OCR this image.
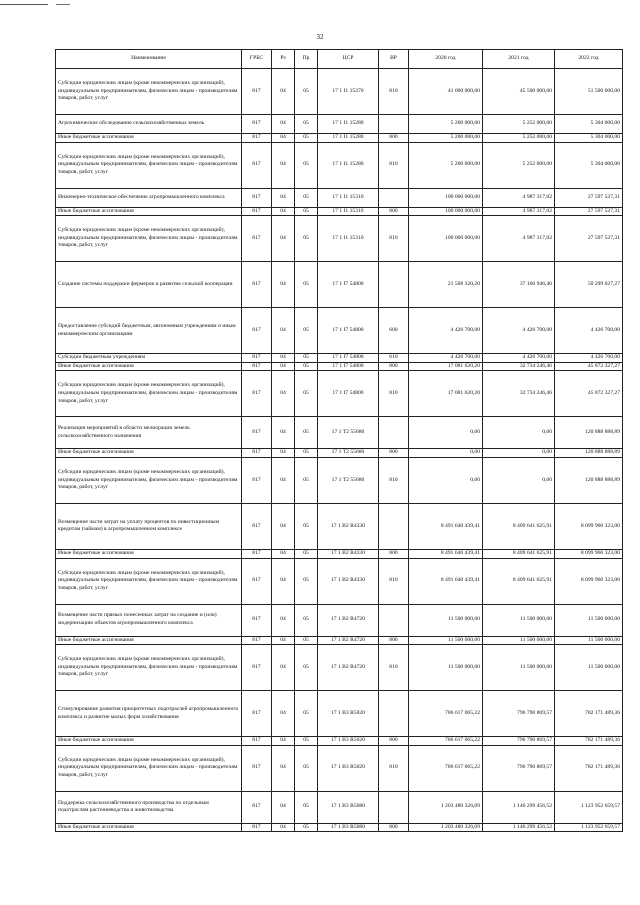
32
Наименование	ГРБС	Рз	Пр	ЦСР	ВР	2020 год	2021 год	2022 год
Субсидии юридическим лицам (кроме некоммерческих организаций), индивидуальным предпринимателям, физическим лицам - производителям товаров, работ, услуг	817	04	05	17 1 I1 15270	810	41 000 000,00	45 500 000,00	51 500 000,00
Агрохимическое обследование сельскохозяйственных земель	817	04	05	17 1 I1 15280		5 200 000,00	5 252 000,00	5 304 000,00
Иные бюджетные ассигнования	817	04	05	17 1 I1 15280	800	5 200 000,00	5 252 000,00	5 304 000,00
Субсидии юридическим лицам (кроме некоммерческих организаций), индивидуальным предпринимателям, физическим лицам - производителям товаров, работ, услуг	817	04	05	17 1 I1 15280	810	5 200 000,00	5 252 000,00	5 304 000,00
Инженерно-техническое обеспечение агропромышленного комплекса	817	04	05	17 1 I1 15310		100 000 000,00	4 987 317,02	27 597 527,31
Иные бюджетные ассигнования	817	04	05	17 1 I1 15310	800	100 000 000,00	4 987 317,02	27 597 527,31
Субсидии юридическим лицам (кроме некоммерческих организаций), индивидуальным предпринимателям, физическим лицам - производителям товаров, работ, услуг	817	04	05	17 1 I1 15310	810	100 000 000,00	4 987 317,02	27 597 527,31
Создание системы поддержки фермеров и развитие сельской кооперации	817	04	05	17 1 I7 54800		21 508 320,20	37 160 946,46	50 299 027,27
Предоставление субсидий бюджетным, автономным учреждениям и иным некоммерческим организациям	817	04	05	17 1 I7 54800	600	4 426 700,00	4 426 700,00	4 426 700,00
Субсидии бюджетным учреждениям	817	04	05	17 1 I7 54800	610	4 426 700,00	4 426 700,00	4 426 700,00
Иные бюджетные ассигнования	817	04	05	17 1 I7 54800	800	17 081 620,20	32 734 246,46	45 872 327,27
Субсидии юридическим лицам (кроме некоммерческих организаций), индивидуальным предпринимателям, физическим лицам - производителям товаров, работ, услуг	817	04	05	17 1 I7 54800	810	17 081 620,20	32 734 246,46	45 872 327,27
Реализация мероприятий в области мелиорации земель сельскохозяйственного назначения	817	04	05	17 1 T2 55680		0,00	0,00	120 888 888,89
Иные бюджетные ассигнования	817	04	05	17 1 T2 55680	800	0,00	0,00	120 888 888,89
Субсидии юридическим лицам (кроме некоммерческих организаций), индивидуальным предпринимателям, физическим лицам - производителям товаров, работ, услуг	817	04	05	17 1 T2 55680	810	0,00	0,00	120 888 888,89
Возмещение части затрат на уплату процентов по инвестиционным кредитам (займам) в агропромышленном комплексе	817	04	05	17 1 B2 R4330		8 491 640 439,41	8 409 641 625,91	8 099 960 323,00
Иные бюджетные ассигнования	817	04	05	17 1 B2 R4330	800	8 491 640 439,41	8 409 641 625,91	8 099 960 323,00
Субсидии юридическим лицам (кроме некоммерческих организаций), индивидуальным предпринимателям, физическим лицам - производителям товаров, работ, услуг	817	04	05	17 1 B2 R4330	810	8 491 640 439,41	8 409 641 625,91	8 099 960 323,00
Возмещение части прямых понесенных затрат на создание и (или) модернизацию объектов агропромышленного комплекса	817	04	05	17 1 B2 R4720		11 500 000,00	11 500 000,00	11 500 000,00
Иные бюджетные ассигнования	817	04	05	17 1 B2 R4720	800	11 500 000,00	11 500 000,00	11 500 000,00
Субсидии юридическим лицам (кроме некоммерческих организаций), индивидуальным предпринимателям, физическим лицам - производителям товаров, работ, услуг	817	04	05	17 1 B2 R4720	810	11 500 000,00	11 500 000,00	11 500 000,00
Стимулирование развития приоритетных подотраслей агропромышленного комплекса и развитие малых форм хозяйствования	817	04	05	17 1 B3 R5020		786 617 065,22	796 790 869,57	782 171 489,36
Иные бюджетные ассигнования	817	04	05	17 1 B3 R5020	800	786 617 065,22	796 790 869,57	782 171 489,36
Субсидии юридическим лицам (кроме некоммерческих организаций), индивидуальным предпринимателям, физическим лицам - производителям товаров, работ, услуг	817	04	05	17 1 B3 R5020	810	786 617 065,22	796 790 869,57	782 171 489,36
Поддержка сельскохозяйственного производства по отдельным подотраслям растениеводства и животноводства	817	04	05	17 1 B3 R5080		1 203 480 326,09	1 146 299 456,52	1 123 952 659,57
Иные бюджетные ассигнования	817	04	05	17 1 B3 R5080	800	1 203 480 326,09	1 146 299 456,52	1 123 952 659,57
